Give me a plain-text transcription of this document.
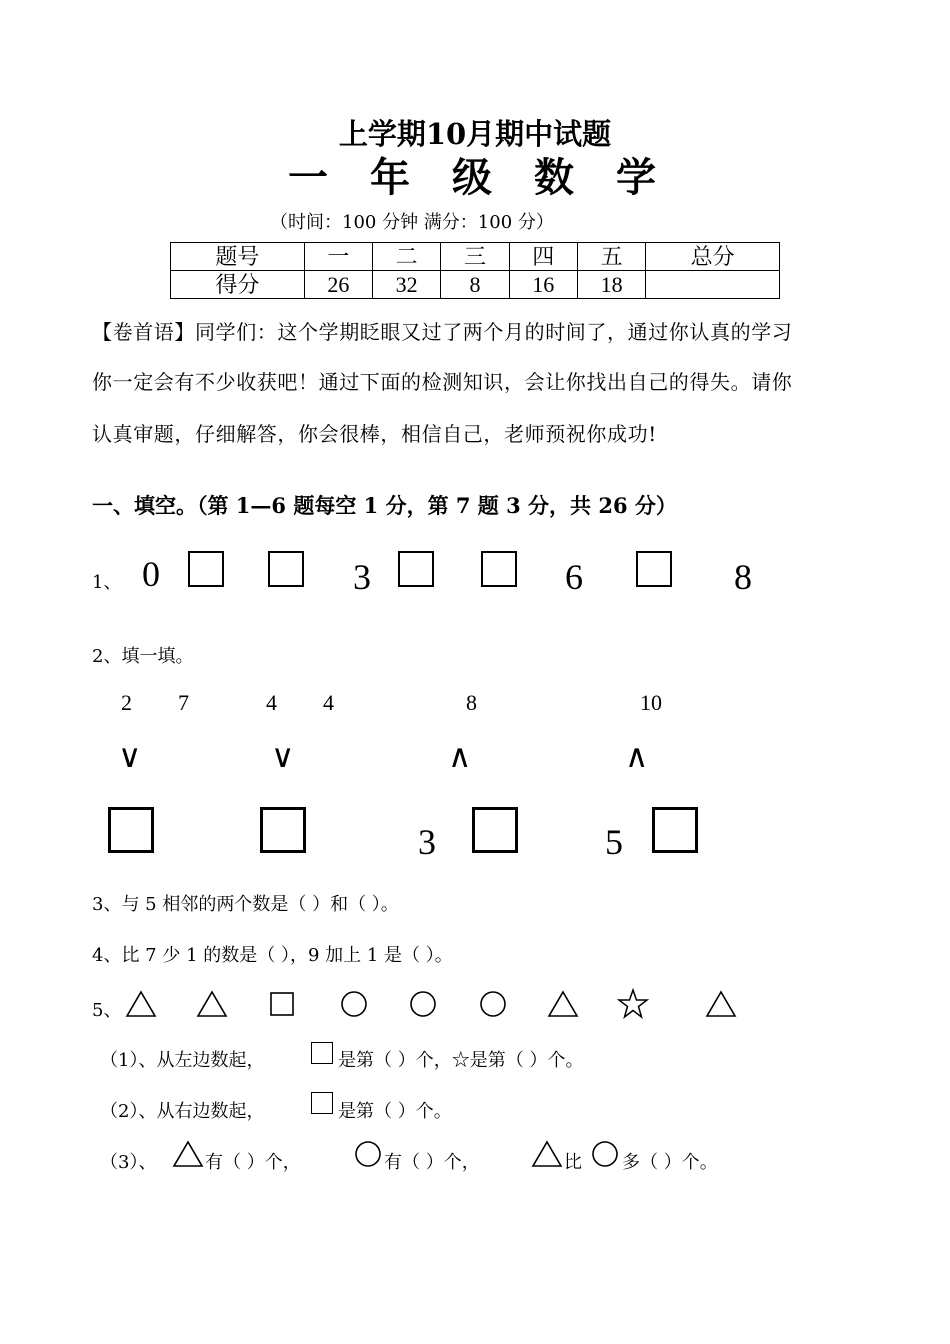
上学期10月期中试题
一年级数学
（时间：100 分钟 满分：100 分）
题号	一	二	三	四	五	总分
得分	26	32	8	16	18	
【卷首语】同学们：这个学期眨眼又过了两个月的时间了，通过你认真的学习
你一定会有不少收获吧！通过下面的检测知识，会让你找出自己的得失。请你
认真审题，仔细解答，你会很棒，相信自己，老师预祝你成功!
一、填空。（第 1—6 题每空 1 分，第 7 题 3 分，共 26 分）
1、 0	3	6	8
2、填一填。
2 7	4 4	8	10
∨	∨	∧	∧
3	5
3、与 5 相邻的两个数是（ ）和（ ）。
4、比 7 少 1 的数是（ ），9 加上 1 是（ ）。
5、
（1）、从左边数起，	是第（ ）个，☆是第（ ）个。
（2）、从右边数起，	是第（ ）个。
（3）、	有（ ）个，	有（ ）个，	比 多（ ）个。
